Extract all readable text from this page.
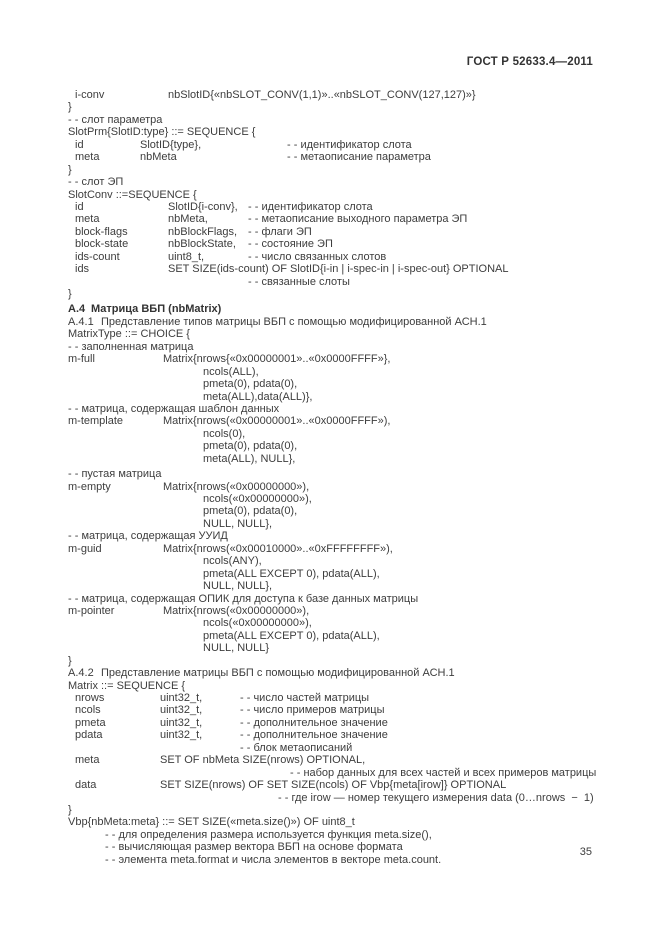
ГОСТ Р 52633.4—2011
i-conv	nbSlotID{«nbSLOT_CONV(1,1)»..«nbSLOT_CONV(127,127)»}
}
- - слот параметра
SlotPrm{SlotID:type} ::= SEQUENCE {
id	SlotID{type},	- - идентификатор слота
meta	nbMeta	- - метаописание параметра
}
- - слот ЭП
SlotConv ::=SEQUENCE {
id	SlotID{i-conv}, - - идентификатор слота
meta	nbMeta,	- - метаописание выходного параметра ЭП
block-flags	nbBlockFlags, - - флаги ЭП
block-state	nbBlockState, - - состояние ЭП
ids-count	uint8_t,	- - число связанных слотов
ids	SET SIZE(ids-count) OF SlotID{i-in | i-spec-in | i-spec-out} OPTIONAL
- - связанные слоты
}
А.4 Матрица ВБП (nbMatrix)
А.4.1 Представление типов матрицы ВБП с помощью модифицированной АСН.1
MatrixType ::= CHOICE {
- - заполненная матрица
m-full	Matrix{nrows{«0x00000001»..«0x0000FFFF»},
ncols(ALL),
pmeta(0), pdata(0),
meta(ALL),data(ALL)},
- - матрица, содержащая шаблон данных
m-template	Matrix{nrows(«0x00000001»..«0x0000FFFF»),
ncols(0),
pmeta(0), pdata(0),
meta(ALL), NULL},
- - пустая матрица
m-empty	Matrix{nrows(«0x00000000»),
ncols(«0x00000000»),
pmeta(0), pdata(0),
NULL, NULL},
- - матрица, содержащая УУИД
m-guid	Matrix{nrows(«0x00010000»..«0xFFFFFFFF»),
ncols(ANY),
pmeta(ALL EXCEPT 0), pdata(ALL),
NULL, NULL},
- - матрица, содержащая ОПИК для доступа к базе данных матрицы
m-pointer	Matrix{nrows(«0x00000000»),
ncols(«0x00000000»),
pmeta(ALL EXCEPT 0), pdata(ALL),
NULL, NULL}
}
А.4.2 Представление матрицы ВБП с помощью модифицированной АСН.1
Matrix ::= SEQUENCE {
nrows	uint32_t,	- - число частей матрицы
ncols	uint32_t,	- - число примеров матрицы
pmeta	uint32_t,	- - дополнительное значение
pdata	uint32_t,	- - дополнительное значение
- - блок метаописаний
meta	SET OF nbMeta SIZE(nrows) OPTIONAL,
- - набор данных для всех частей и всех примеров матрицы
data	SET SIZE(nrows) OF SET SIZE(ncols) OF Vbp{meta[irow]} OPTIONAL
- - где irow — номер текущего измерения data (0…nrows  −  1)
}
Vbp{nbMeta:meta} ::= SET SIZE(«meta.size()») OF uint8_t
- - для определения размера используется функция meta.size(),
- - вычисляющая размер вектора ВБП на основе формата
- - элемента meta.format и числа элементов в векторе meta.count.
35
